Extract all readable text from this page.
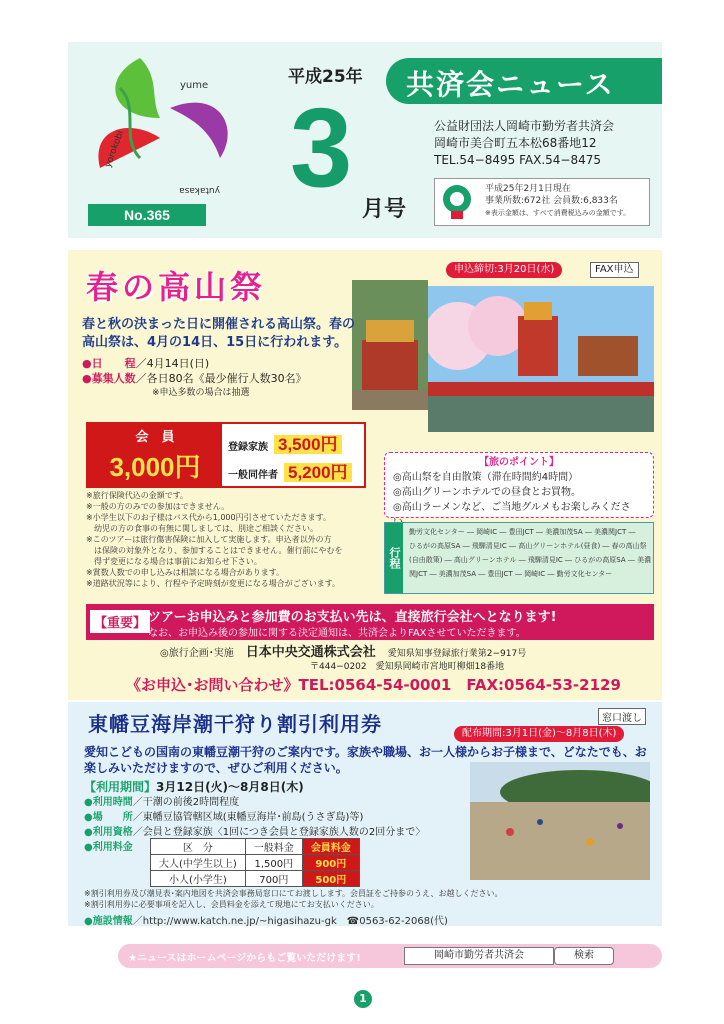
yume
yorokobi
yutakasa
No.365
平成25年
3 月号
共済会ニュース
公益財団法人岡崎市勤労者共済会
岡崎市美合町五本松68番地12
TEL.54−8495 FAX.54−8475
平成25年2月1日現在
事業所数:672社 会員数:6,833名
※表示金額は、すべて消費税込みの金額です。
春の高山祭	申込締切:3月20日(水)	FAX申込
春と秋の決まった日に開催される高山祭。春の高山祭は、4月の14日、15日に行われます。
●日　　程／4月14日(日)
●募集人数／各日80名《最少催行人数30名》
※申込多数の場合は抽選
会　員
3,000円
登録家族 3,500円
一般同伴者 5,200円
※旅行保険代込の金額です。
※一般の方のみでの参加はできません。
※小学生以下のお子様はバス代から1,000円引させていただきます。
　幼児の方の食事の有無に関しましては、別途ご相談ください。
※このツアーは旅行傷害保険に加入して実施します。申込者以外の方
　は保険の対象外となり、参加することはできません。催行前にやむを
　得ず変更になる場合は事前にお知らせ下さい。
※賞数人数での申し込みは相談になる場合があります。
※道路状況等により、行程や予定時刻が変更になる場合がございます。
【旅のポイント】
◎高山祭を自由散策（滞在時間約4時間）
◎高山グリーンホテルでの昼食とお買物。
◎高山ラーメンなど、ご当地グルメもお楽しみくださ
行程
勤労文化センター ― 岡崎IC ― 豊田JCT ― 美濃加茂SA ― 美濃関JCT ―
ひるがの高原SA ― 飛騨清見IC ― 高山グリーンホテル(昼食) ― 春の高山祭
(自由散策) ― 高山グリーンホテル ― 飛騨清見IC ― ひるがの高原SA ― 美濃
関JCT ― 美濃加茂SA ― 豊田JCT ― 岡崎IC ― 勤労文化センター
【重要】 ツアーお申込みと参加費のお支払い先は、直接旅行会社へとなります!
なお、お申込み後の参加に関する決定通知は、共済会よりFAXさせていただきます。
◎旅行企画･実施 日本中央交通株式会社 愛知県知事登録旅行業第2−917号
〒444−0202　愛知県岡崎市宮地町柳畑18番地
《お申込･お問い合わせ》TEL:0564-54-0001　FAX:0564-53-2129
東幡豆海岸潮干狩り割引利用券	窓口渡し
配布期間:3月1日(金)〜8月8日(木)
愛知こどもの国南の東幡豆潮干狩のご案内です。家族や職場、お一人様からお子様まで、どなたでも、お楽しみいただけますので、ぜひご利用ください。
【利用期間】3月12日(火)〜8月8日(木)
●利用時間／干潮の前後2時間程度
●場　　所／東幡豆協管轄区域(東幡豆海岸･前島(うさぎ島)等)
●利用資格／会員と登録家族〈1回につき会員と登録家族人数の2回分まで〉
●利用料金	区　分	一般料金	会員料金
大人(中学生以上)	1,500円	900円
小人(小学生)	700円	500円
※割引利用券及び潮見表･案内地図を共済会事務局窓口にてお渡しします。会員証をご持参のうえ、お越しください。
※割引利用券に必要事項を記入し、会員料金を添えて現地にてお支払いください。
●施設情報／http://www.katch.ne.jp/~higasihazu-gk　☎0563-62-2068(代)
★ニュースはホームページからもご覧いただけます!	岡崎市勤労者共済会	検索
1
